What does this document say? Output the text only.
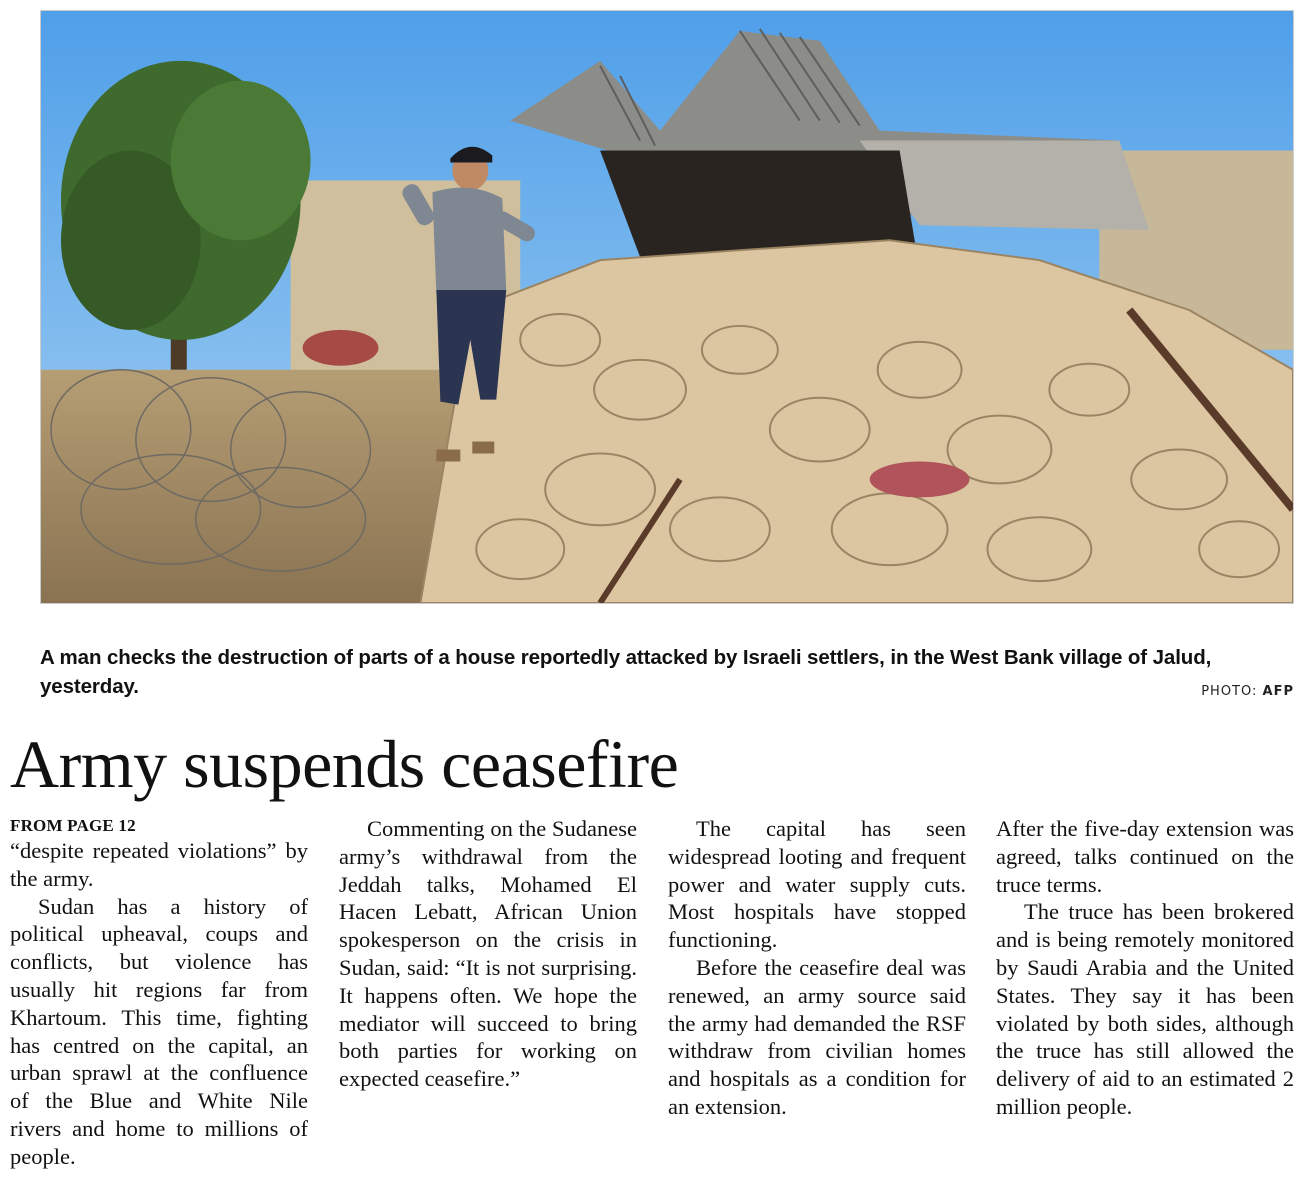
A man checks the destruction of parts of a house reportedly attacked by Israeli settlers, in the West Bank village of Jalud, yesterday.	PHOTO: AFP
Army suspends ceasefire
FROM PAGE 12

“despite repeated violations” by the army.

Sudan has a history of political upheaval, coups and conflicts, but violence has usually hit regions far from Khartoum. This time, fighting has centred on the capital, an urban sprawl at the confluence of the Blue and White Nile rivers and home to millions of people.

Commenting on the Sudanese army’s withdrawal from the Jeddah talks, Mohamed El Hacen Lebatt, African Union spokesperson on the crisis in Sudan, said: “It is not surprising. It happens often. We hope the mediator will succeed to bring both parties for working on expected ceasefire.”

The capital has seen widespread looting and frequent power and water supply cuts. Most hospitals have stopped functioning.

Before the ceasefire deal was renewed, an army source said the army had demanded the RSF withdraw from civilian homes and hospitals as a condition for an extension.

After the five-day extension was agreed, talks continued on the truce terms.

The truce has been brokered and is being remotely monitored by Saudi Arabia and the United States. They say it has been violated by both sides, although the truce has still allowed the delivery of aid to an estimated 2 million people.
